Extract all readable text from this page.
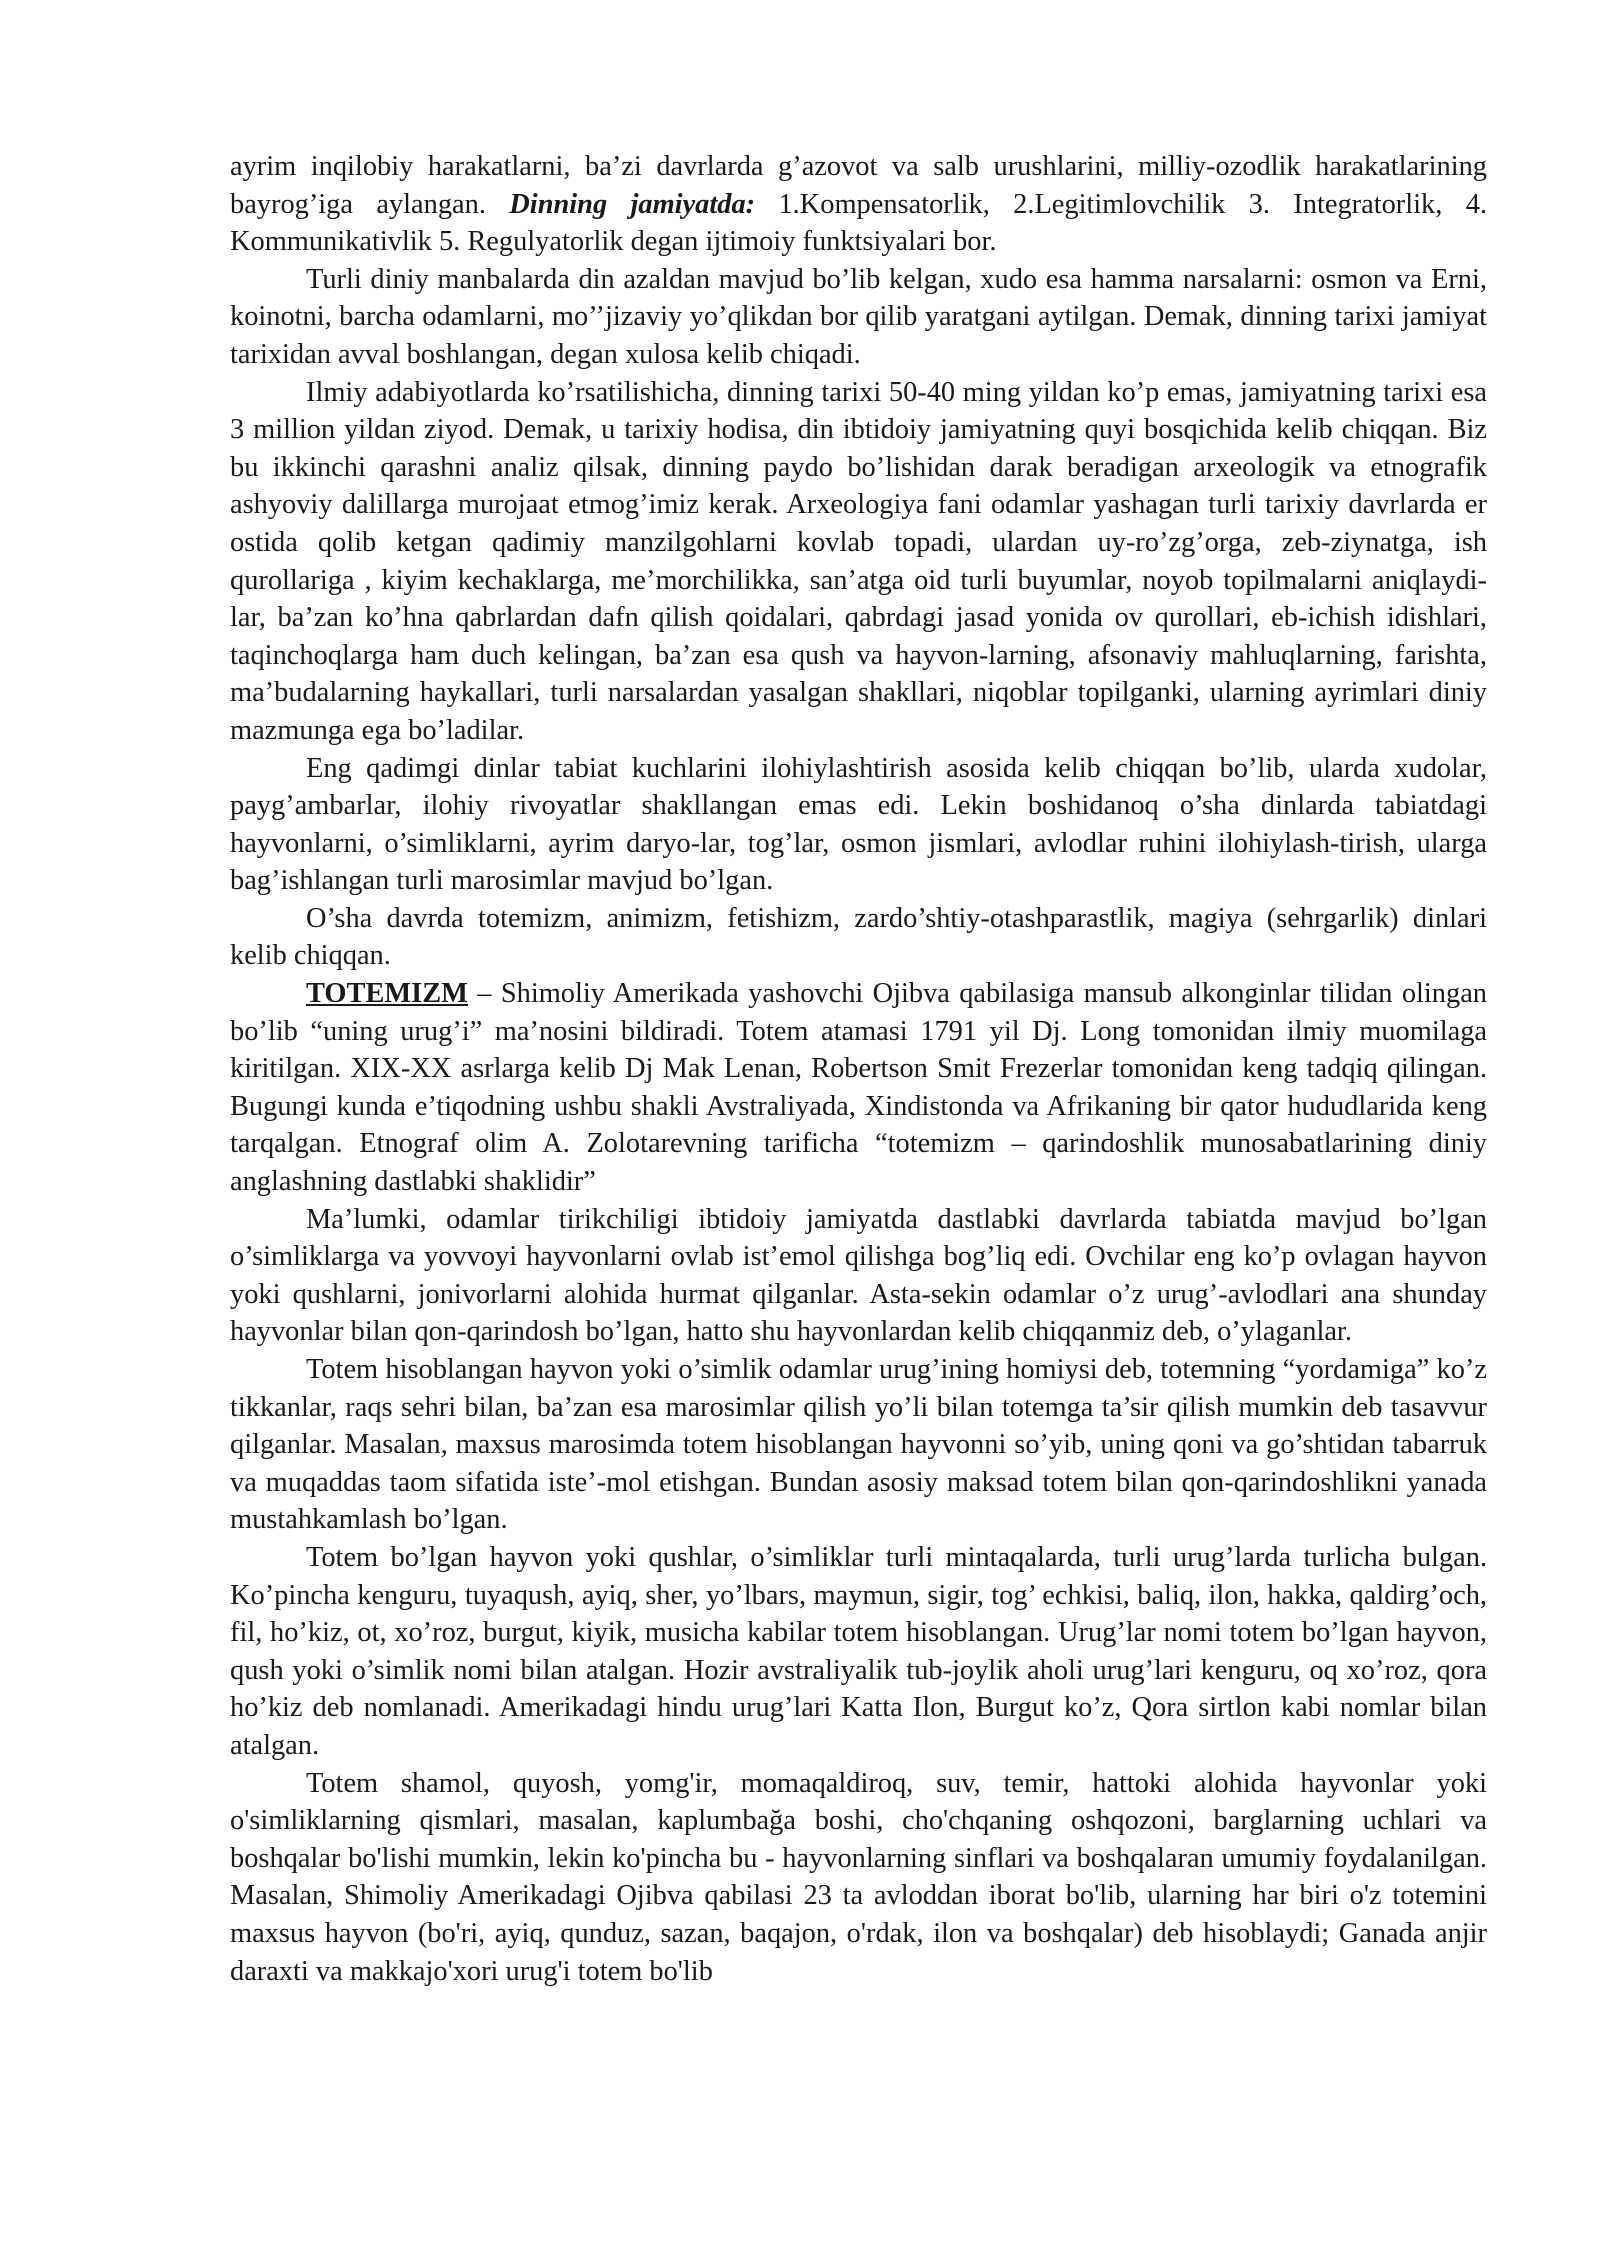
ayrim inqilobiy harakatlarni, ba’zi davrlarda g’azovot va salb urushlarini, milliy-ozodlik harakatlarining bayrog’iga aylangan. Dinning jamiyatda: 1.Kompensatorlik, 2.Legitimlovchilik 3. Integratorlik, 4. Kommunikativlik 5. Regulyatorlik degan ijtimoiy funktsiyalari bor.

Turli diniy manbalarda din azaldan mavjud bo’lib kelgan, xudo esa hamma narsalarni: osmon va Erni, koinotni, barcha odamlarni, mo’’jizaviy yo’qlikdan bor qilib yaratgani aytilgan. Demak, dinning tarixi jamiyat tarixidan avval boshlangan, degan xulosa kelib chiqadi.

Ilmiy adabiyotlarda ko’rsatilishicha, dinning tarixi 50-40 ming yildan ko’p emas, jamiyatning tarixi esa 3 million yildan ziyod. Demak, u tarixiy hodisa, din ibtidoiy jamiyatning quyi bosqichida kelib chiqqan. Biz bu ikkinchi qarashni analiz qilsak, dinning paydo bo’lishidan darak beradigan arxeologik va etnografik ashyoviy dalillarga murojaat etmog’imiz kerak. Arxeologiya fani odamlar yashagan turli tarixiy davrlarda er ostida qolib ketgan qadimiy manzilgohlarni kovlab topadi, ulardan uy-ro’zg’orga, zeb-ziynatga, ish qurollariga , kiyim kechaklarga, me’morchilikka, san’atga oid turli buyumlar, noyob topilmalarni aniqlaydi-lar, ba’zan ko’hna qabrlardan dafn qilish qoidalari, qabrdagi jasad yonida ov qurollari, eb-ichish idishlari, taqinchoqlarga ham duch kelingan, ba’zan esa qush va hayvon-larning, afsonaviy mahluqlarning, farishta, ma’budalarning haykallari, turli narsalardan yasalgan shakllari, niqoblar topilganki, ularning ayrimlari diniy mazmunga ega bo’ladilar.

Eng qadimgi dinlar tabiat kuchlarini ilohiylashtirish asosida kelib chiqqan bo’lib, ularda xudolar, payg’ambarlar, ilohiy rivoyatlar shakllangan emas edi. Lekin boshidanoq o’sha dinlarda tabiatdagi hayvonlarni, o’simliklarni, ayrim daryo-lar, tog’lar, osmon jismlari, avlodlar ruhini ilohiylash-tirish, ularga bag’ishlangan turli marosimlar mavjud bo’lgan.

O’sha davrda totemizm, animizm, fetishizm, zardo’shtiy-otashparastlik, magiya (sehrgarlik) dinlari kelib chiqqan.

TOTEMIZM – Shimoliy Amerikada yashovchi Ojibva qabilasiga mansub alkonginlar tilidan olingan bo’lib “uning urug’i” ma’nosini bildiradi. Totem atamasi 1791 yil Dj. Long tomonidan ilmiy muomilaga kiritilgan. XIX-XX asrlarga kelib Dj Mak Lenan, Robertson Smit Frezerlar tomonidan keng tadqiq qilingan. Bugungi kunda e’tiqodning ushbu shakli Avstraliyada, Xindistonda va Afrikaning bir qator hududlarida keng tarqalgan. Etnograf olim A. Zolotarevning tarificha “totemizm – qarindoshlik munosabatlarining diniy anglashning dastlabki shaklidir”

Ma’lumki, odamlar tirikchiligi ibtidoiy jamiyatda dastlabki davrlarda tabiatda mavjud bo’lgan o’simliklarga va yovvoyi hayvonlarni ovlab ist’emol qilishga bog’liq edi. Ovchilar eng ko’p ovlagan hayvon yoki qushlarni, jonivorlarni alohida hurmat qilganlar. Asta-sekin odamlar o’z urug’-avlodlari ana shunday hayvonlar bilan qon-qarindosh bo’lgan, hatto shu hayvonlardan kelib chiqqanmiz deb, o’ylaganlar.

Totem hisoblangan hayvon yoki o’simlik odamlar urug’ining homiysi deb, totemning “yordamiga” ko’z tikkanlar, raqs sehri bilan, ba’zan esa marosimlar qilish yo’li bilan totemga ta’sir qilish mumkin deb tasavvur qilganlar. Masalan, maxsus marosimda totem hisoblangan hayvonni so’yib, uning qoni va go’shtidan tabarruk va muqaddas taom sifatida iste’-mol etishgan. Bundan asosiy maksad totem bilan qon-qarindoshlikni yanada mustahkamlash bo’lgan.

Totem bo’lgan hayvon yoki qushlar, o’simliklar turli mintaqalarda, turli urug’larda turlicha bulgan. Ko’pincha kenguru, tuyaqush, ayiq, sher, yo’lbars, maymun, sigir, tog’ echkisi, baliq, ilon, hakka, qaldirg’och, fil, ho’kiz, ot, xo’roz, burgut, kiyik, musicha kabilar totem hisoblangan. Urug’lar nomi totem bo’lgan hayvon, qush yoki o’simlik nomi bilan atalgan. Hozir avstraliyalik tub-joylik aholi urug’lari kenguru, oq xo’roz, qora ho’kiz deb nomlanadi. Amerikadagi hindu urug’lari Katta Ilon, Burgut ko’z, Qora sirtlon kabi nomlar bilan atalgan.

Totem shamol, quyosh, yomg'ir, momaqaldiroq, suv, temir, hattoki alohida hayvonlar yoki o'simliklarning qismlari, masalan, kaplumbağa boshi, cho'chqaning oshqozoni, barglarning uchlari va boshqalar bo'lishi mumkin, lekin ko'pincha bu - hayvonlarning sinflari va boshqalaran umumiy foydalanilgan. Masalan, Shimoliy Amerikadagi Ojibva qabilasi 23 ta avloddan iborat bo'lib, ularning har biri o'z totemini maxsus hayvon (bo'ri, ayiq, qunduz, sazan, baqajon, o'rdak, ilon va boshqalar) deb hisoblaydi; Ganada anjir daraxti va makkajo'xori urug'i totem bo'lib
